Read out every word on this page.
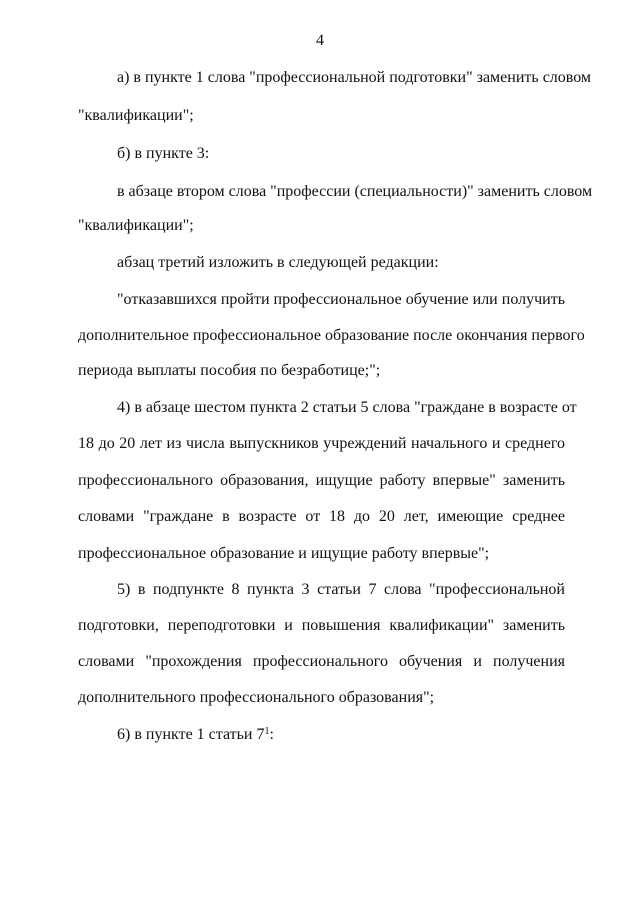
4
а) в пункте 1 слова "профессиональной подготовки" заменить словом
"квалификации";
б) в пункте 3:
в абзаце втором слова "профессии (специальности)" заменить словом
"квалификации";
абзац третий изложить в следующей редакции:
"отказавшихся пройти профессиональное обучение или получить
дополнительное профессиональное образование после окончания первого
периода выплаты пособия по безработице;";
4) в абзаце шестом пункта 2 статьи 5 слова "граждане в возрасте от
18 до 20 лет из числа выпускников учреждений начального и среднего
профессионального образования, ищущие работу впервые" заменить
словами "граждане в возрасте от 18 до 20 лет, имеющие среднее
профессиональное образование и ищущие работу впервые";
5) в подпункте 8 пункта 3 статьи 7 слова "профессиональной
подготовки, переподготовки и повышения квалификации" заменить
словами "прохождения профессионального обучения и получения
дополнительного профессионального образования";
6) в пункте 1 статьи $7^1$:
